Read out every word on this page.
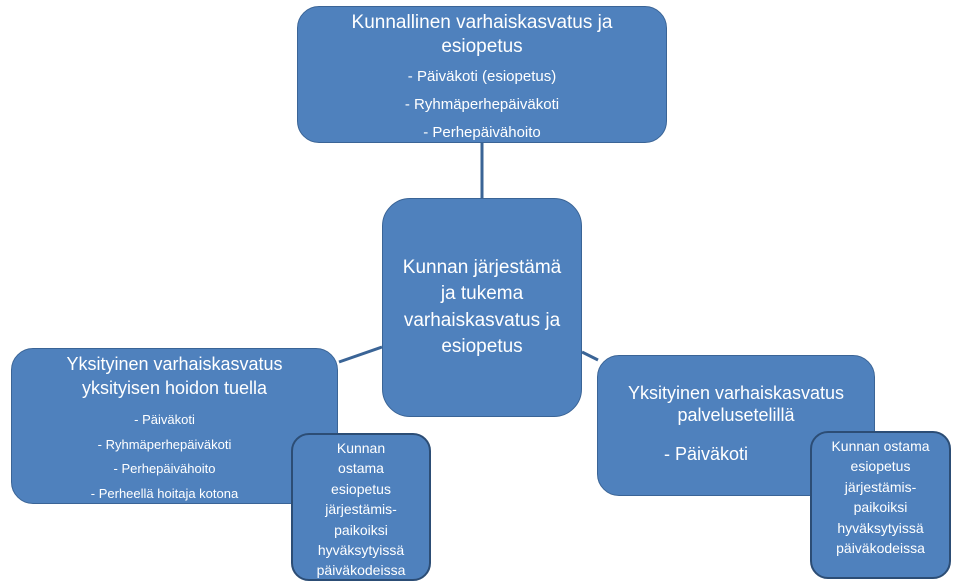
Kunnallinen varhaiskasvatus ja esiopetus
- Päiväkoti (esiopetus)
- Ryhmäperhepäiväkoti
- Perhepäivähoito
Kunnan järjestämä ja tukema varhaiskasvatus ja esiopetus
Yksityinen varhaiskasvatus yksityisen hoidon tuella
- Päiväkoti
- Ryhmäperhepäiväkoti
- Perhepäivähoito
- Perheellä hoitaja kotona
Yksityinen varhaiskasvatus palvelusetelillä
- Päiväkoti
Kunnan ostama esiopetus järjestämis-paikoiksi hyväksytyissä päiväkodeissa
Kunnan ostama esiopetus järjestämis-paikoiksi hyväksytyissä päiväkodeissa
